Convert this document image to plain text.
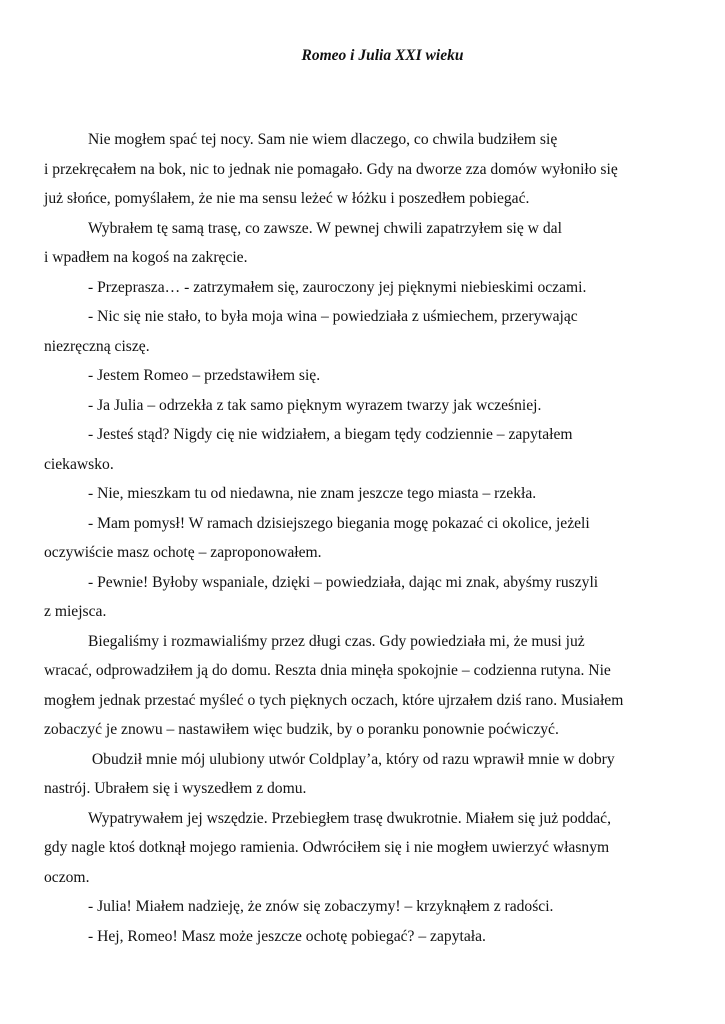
Romeo i Julia XXI wieku
Nie mogłem spać tej nocy. Sam nie wiem dlaczego, co chwila budziłem się
i przekręcałem na bok, nic to jednak nie pomagało. Gdy na dworze zza domów wyłoniło się
już słońce, pomyślałem, że nie ma sensu leżeć w łóżku i poszedłem pobiegać.
Wybrałem tę samą trasę, co zawsze. W pewnej chwili zapatrzyłem się w dal
i wpadłem na kogoś na zakręcie.
- Przeprasza… - zatrzymałem się, zauroczony jej pięknymi niebieskimi oczami.
- Nic się nie stało, to była moja wina – powiedziała z uśmiechem, przerywając
niezręczną ciszę.
- Jestem Romeo – przedstawiłem się.
- Ja Julia – odrzekła z tak samo pięknym wyrazem twarzy jak wcześniej.
- Jesteś stąd? Nigdy cię nie widziałem, a biegam tędy codziennie – zapytałem
ciekawsko.
- Nie, mieszkam tu od niedawna, nie znam jeszcze tego miasta – rzekła.
- Mam pomysł! W ramach dzisiejszego biegania mogę pokazać ci okolice, jeżeli
oczywiście masz ochotę – zaproponowałem.
- Pewnie! Byłoby wspaniale, dzięki – powiedziała, dając mi znak, abyśmy ruszyli
z miejsca.
Biegaliśmy i rozmawialiśmy przez długi czas. Gdy powiedziała mi, że musi już
wracać, odprowadziłem ją do domu. Reszta dnia minęła spokojnie – codzienna rutyna. Nie
mogłem jednak przestać myśleć o tych pięknych oczach, które ujrzałem dziś rano. Musiałem
zobaczyć je znowu – nastawiłem więc budzik, by o poranku ponownie poćwiczyć.
Obudził mnie mój ulubiony utwór Coldplay’a, który od razu wprawił mnie w dobry
nastrój. Ubrałem się i wyszedłem z domu.
Wypatrywałem jej wszędzie. Przebiegłem trasę dwukrotnie. Miałem się już poddać,
gdy nagle ktoś dotknął mojego ramienia. Odwróciłem się i nie mogłem uwierzyć własnym
oczom.
- Julia! Miałem nadzieję, że znów się zobaczymy! – krzyknąłem z radości.
- Hej, Romeo! Masz może jeszcze ochotę pobiegać? – zapytała.
